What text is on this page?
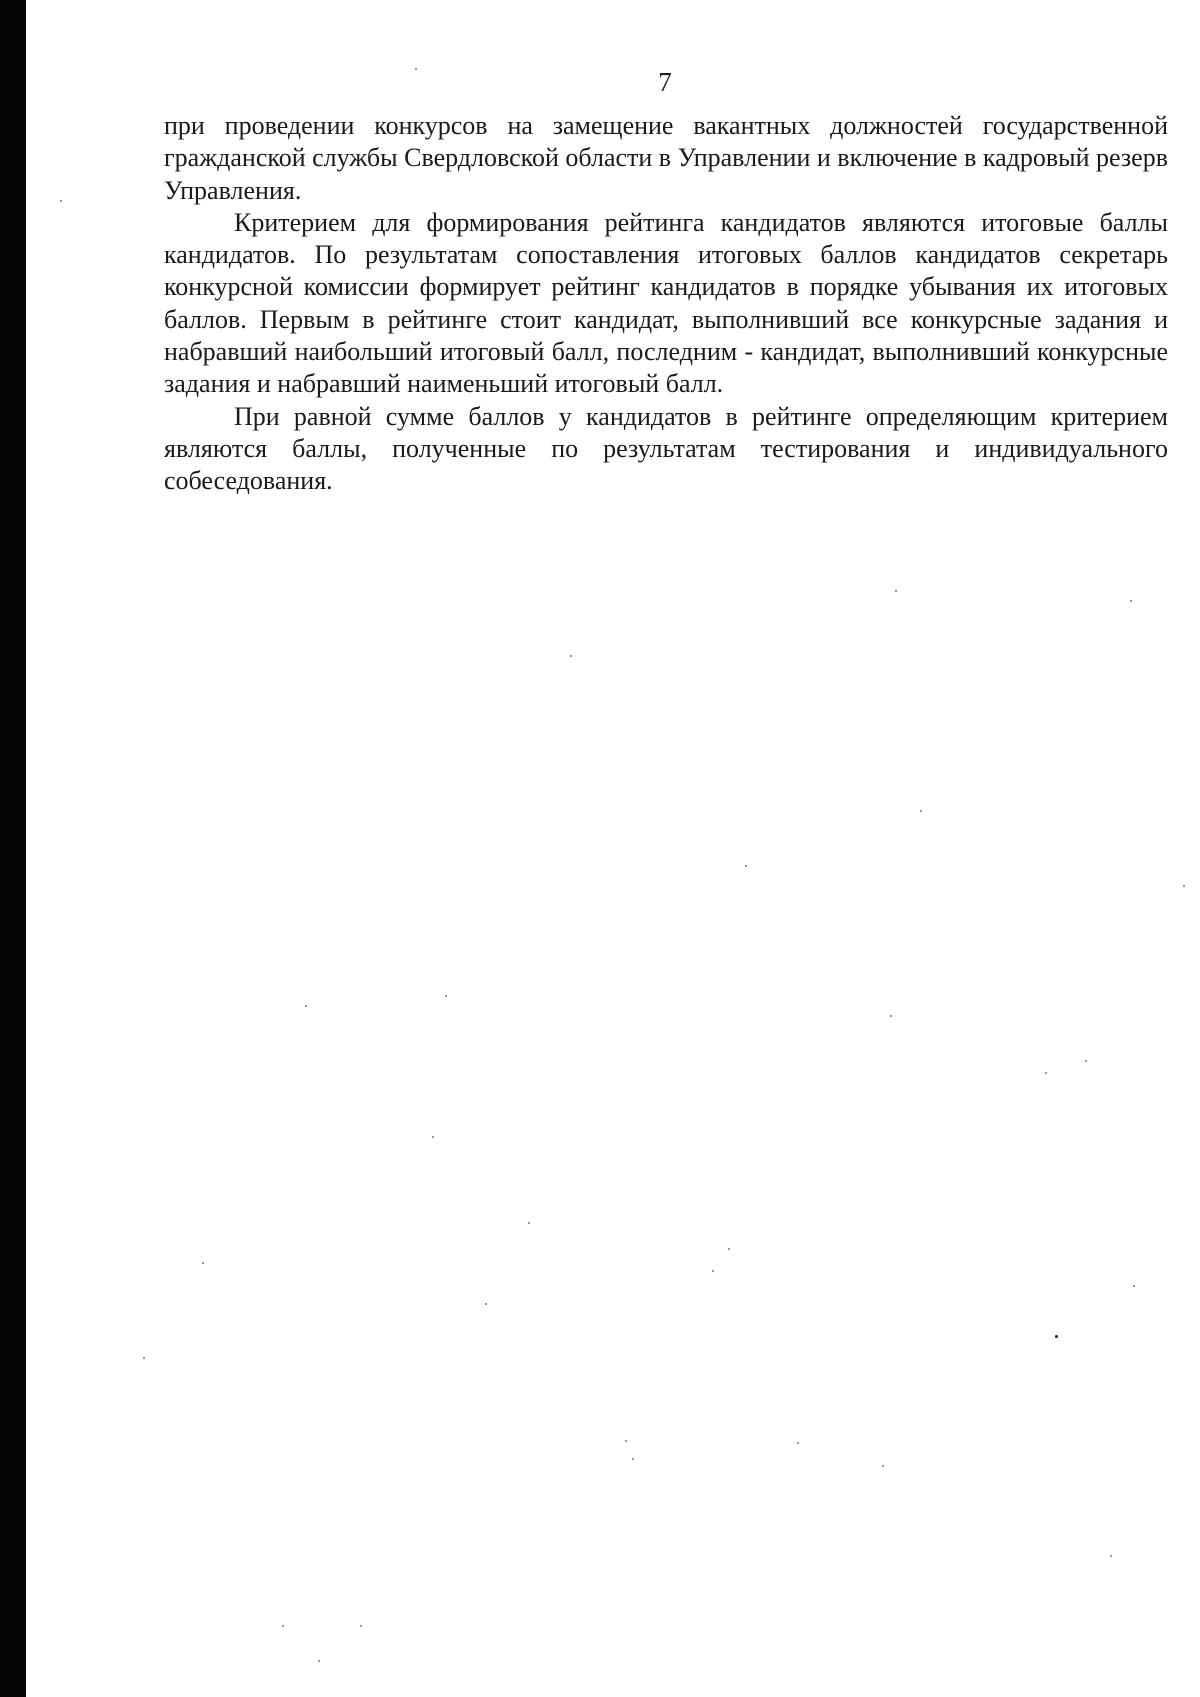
7

при проведении конкурсов на замещение вакантных должностей государственной гражданской службы Свердловской области в Управлении и включение в кадровый резерв Управления.

Критерием для формирования рейтинга кандидатов являются итоговые баллы кандидатов. По результатам сопоставления итоговых баллов кандидатов секретарь конкурсной комиссии формирует рейтинг кандидатов в порядке убывания их итоговых баллов. Первым в рейтинге стоит кандидат, выполнивший все конкурсные задания и набравший наибольший итоговый балл, последним - кандидат, выполнивший конкурсные задания и набравший наименьший итоговый балл.

При равной сумме баллов у кандидатов в рейтинге определяющим критерием являются баллы, полученные по результатам тестирования и индивидуального собеседования.
